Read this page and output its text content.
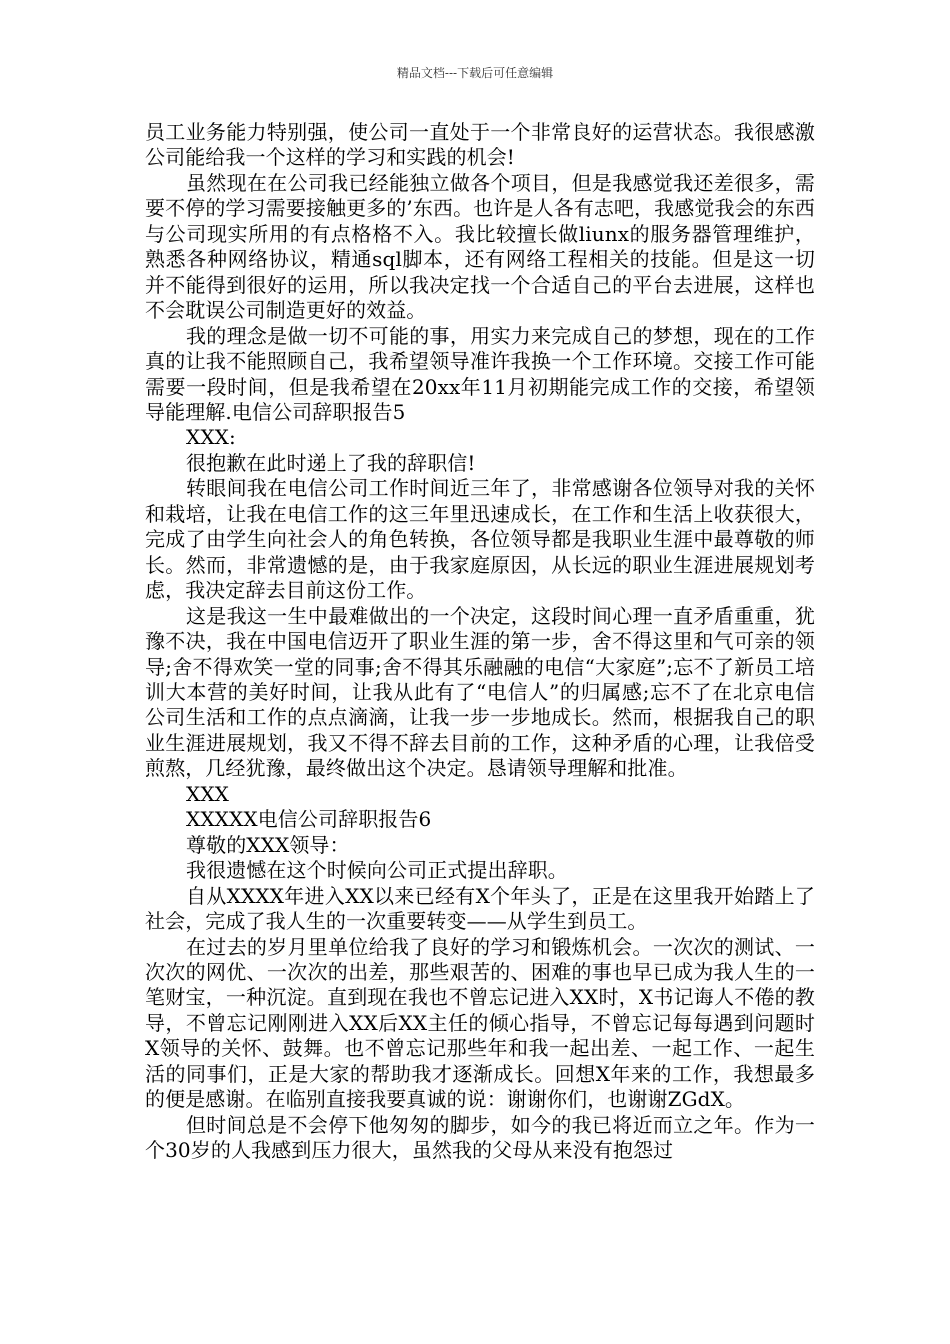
精品文档---下载后可任意编辑

员工业务能力特别强，使公司一直处于一个非常良好的运营状态。我很感激公司能给我一个这样的学习和实践的机会!

虽然现在在公司我已经能独立做各个项目，但是我感觉我还差很多，需要不停的学习需要接触更多的’东西。也许是人各有志吧，我感觉我会的东西与公司现实所用的有点格格不入。我比较擅长做liunx的服务器管理维护，熟悉各种网络协议，精通sql脚本，还有网络工程相关的技能。但是这一切并不能得到很好的运用，所以我决定找一个合适自己的平台去进展，这样也不会耽误公司制造更好的效益。

我的理念是做一切不可能的事，用实力来完成自己的梦想，现在的工作真的让我不能照顾自己，我希望领导准许我换一个工作环境。交接工作可能需要一段时间，但是我希望在20xx年11月初期能完成工作的交接，希望领导能理解.电信公司辞职报告5

XXX:

很抱歉在此时递上了我的辞职信!

转眼间我在电信公司工作时间近三年了，非常感谢各位领导对我的关怀和栽培，让我在电信工作的这三年里迅速成长，在工作和生活上收获很大，完成了由学生向社会人的角色转换，各位领导都是我职业生涯中最尊敬的师长。然而，非常遗憾的是，由于我家庭原因，从长远的职业生涯进展规划考虑，我决定辞去目前这份工作。

这是我这一生中最难做出的一个决定，这段时间心理一直矛盾重重，犹豫不决，我在中国电信迈开了职业生涯的第一步，舍不得这里和气可亲的领导;舍不得欢笑一堂的同事;舍不得其乐融融的电信“大家庭”;忘不了新员工培训大本营的美好时间，让我从此有了“电信人”的归属感;忘不了在北京电信公司生活和工作的点点滴滴，让我一步一步地成长。然而，根据我自己的职业生涯进展规划，我又不得不辞去目前的工作，这种矛盾的心理，让我倍受煎熬，几经犹豫，最终做出这个决定。恳请领导理解和批准。

XXX

XXXXX电信公司辞职报告6

尊敬的XXX领导：

我很遗憾在这个时候向公司正式提出辞职。

自从XXXX年进入XX以来已经有X个年头了，正是在这里我开始踏上了社会，完成了我人生的一次重要转变——从学生到员工。

在过去的岁月里单位给我了良好的学习和锻炼机会。一次次的测试、一次次的网优、一次次的出差，那些艰苦的、困难的事也早已成为我人生的一笔财宝，一种沉淀。直到现在我也不曾忘记进入XX时，X书记诲人不倦的教导，不曾忘记刚刚进入XX后XX主任的倾心指导，不曾忘记每每遇到问题时X领导的关怀、鼓舞。也不曾忘记那些年和我一起出差、一起工作、一起生活的同事们，正是大家的帮助我才逐渐成长。回想X年来的工作，我想最多的便是感谢。在临别直接我要真诚的说：谢谢你们，也谢谢ZGdX。

但时间总是不会停下他匆匆的脚步，如今的我已将近而立之年。作为一个30岁的人我感到压力很大，虽然我的父母从来没有抱怨过
